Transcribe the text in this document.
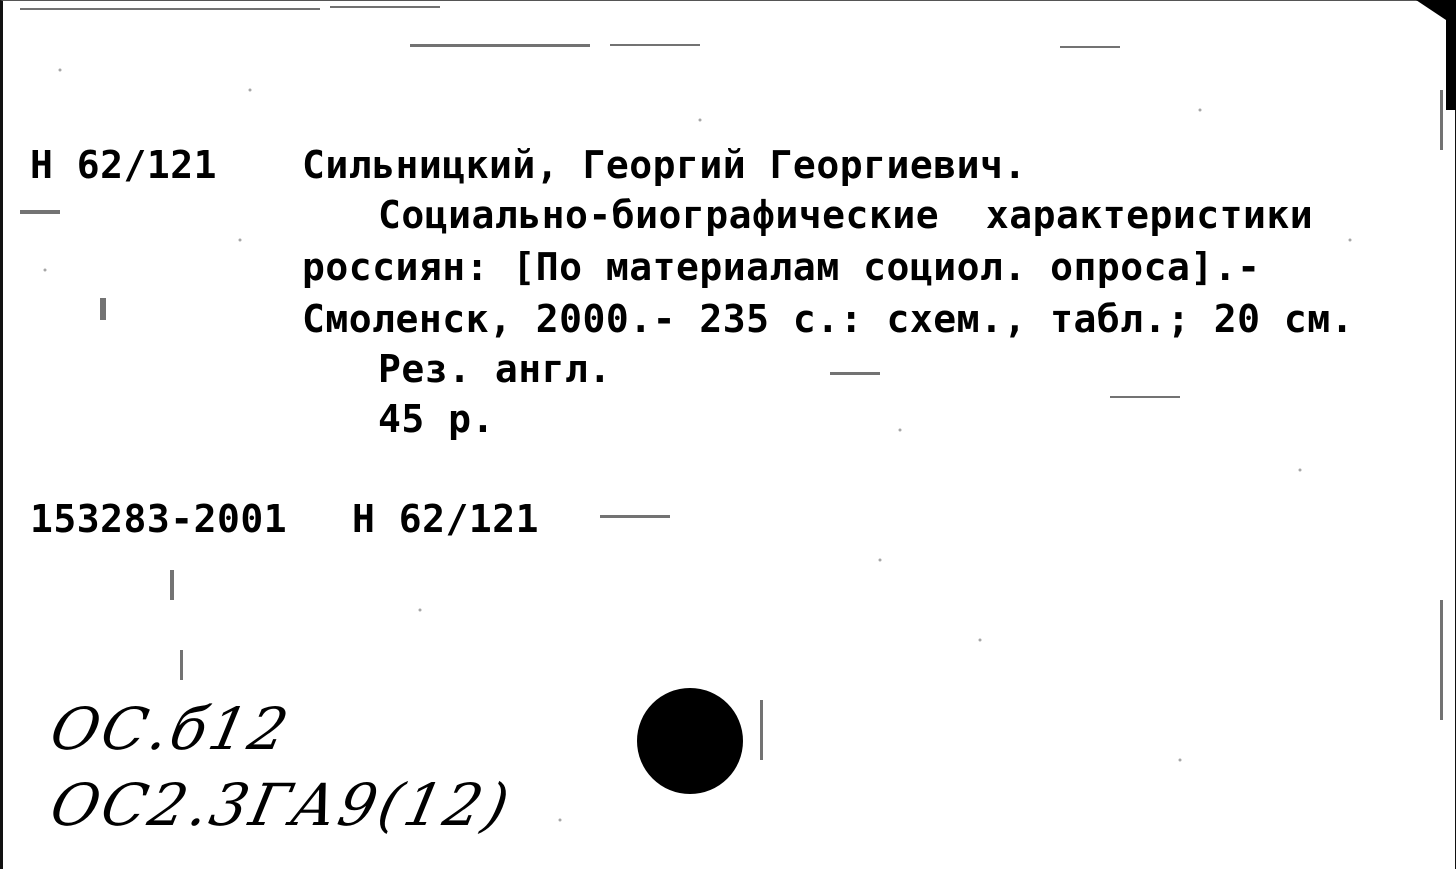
Н 62/121 Сильницкий, Георгий Георгиевич.
Социально-биографические  характеристики
россиян: [По материалам социол. опроса].-
Смоленск, 2000.- 235 с.: схем., табл.; 20 см.
Рез. англ.
45 р.
153283-2001 Н 62/121
ОС.б12
ОС2.3ГА9(12)
